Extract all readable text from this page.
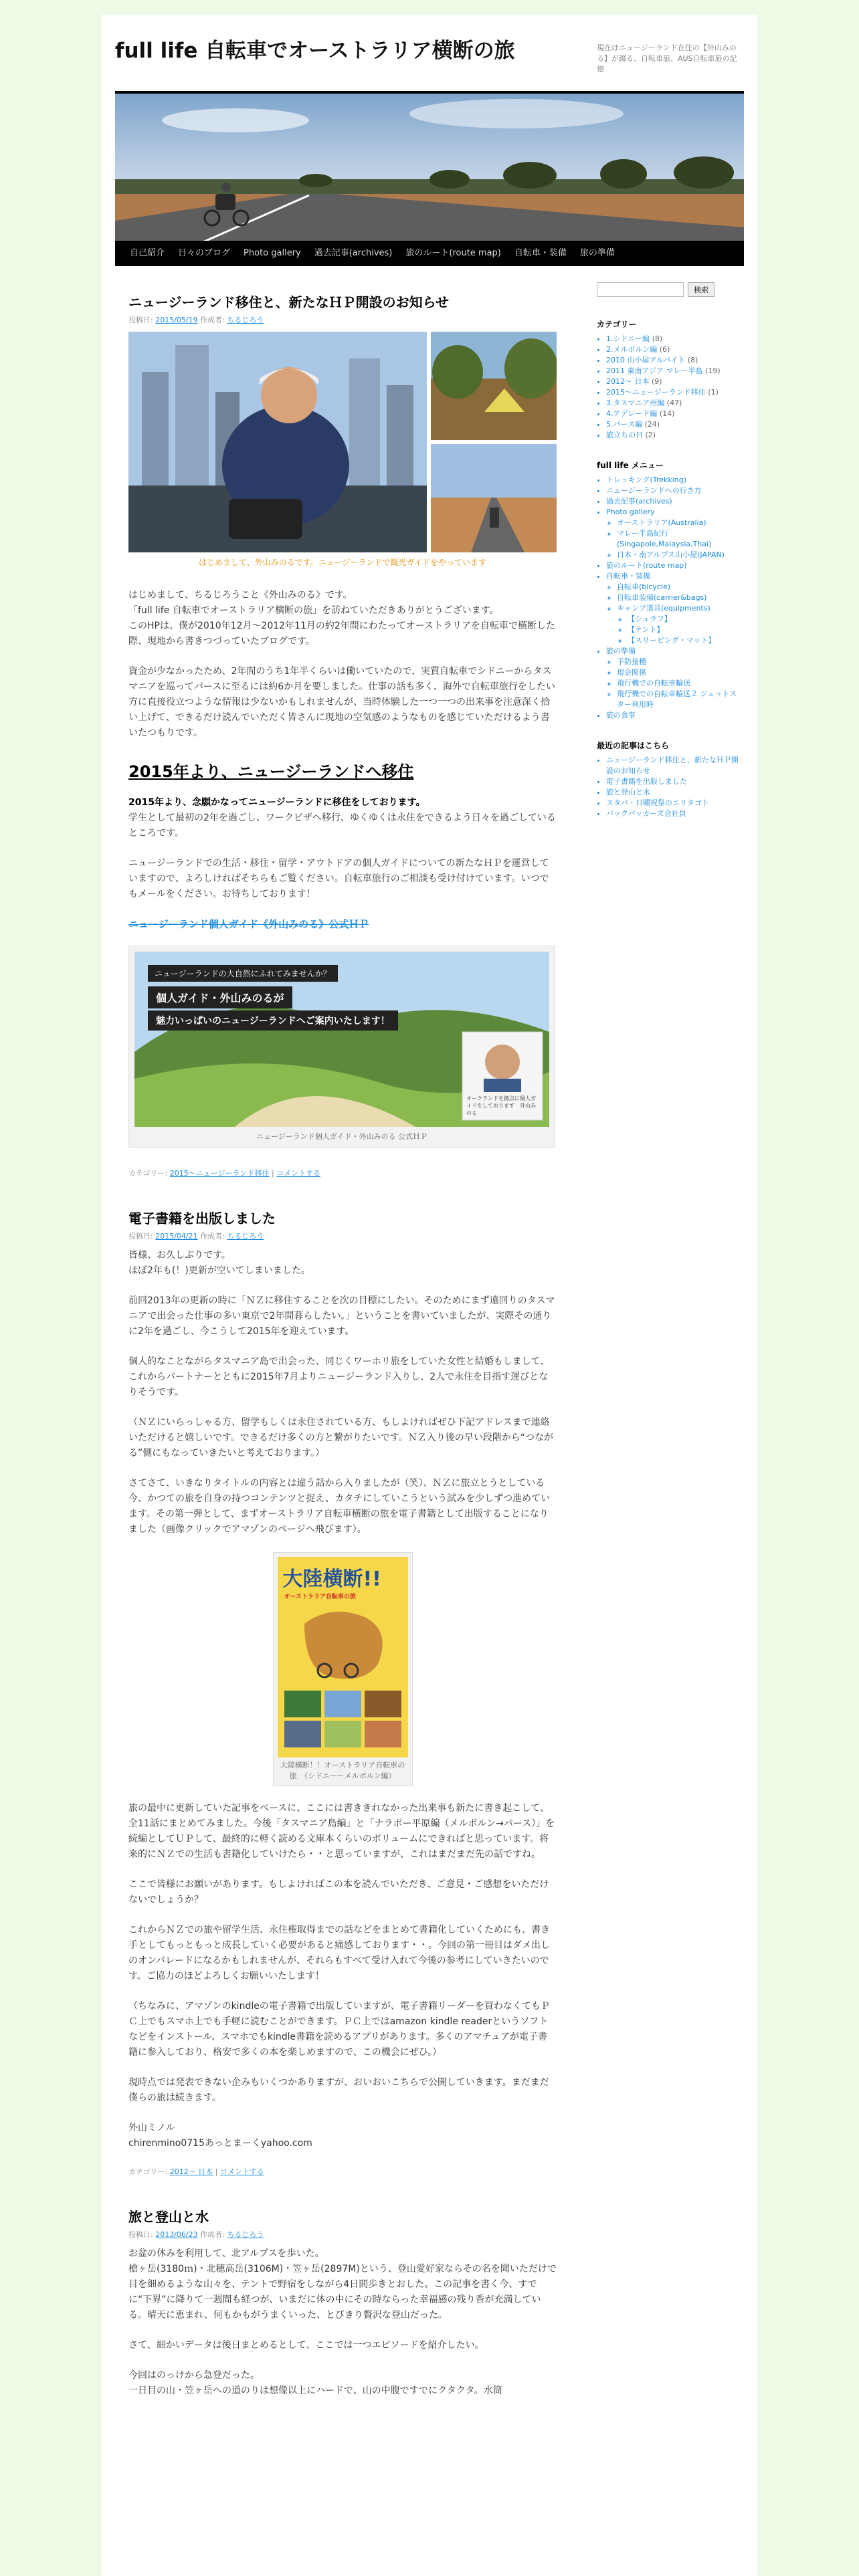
full life 自転車でオーストラリア横断の旅	現在はニュージーランド在住の【外山みのる】が綴る、自転車旅、AUS自転車旅の記憶
自己紹介	日々のブログ	Photo gallery	過去記事(archives)	旅のルート(route map)	自転車・装備	旅の準備
ニュージーランド移住と、新たなＨＰ開設のお知らせ
投稿日: 2015/05/19 作成者: ちるじろう
はじめまして、外山みのるです。ニュージーランドで観光ガイドをやっています

はじめまして、ちるじろうこと《外山みのる》です。
「full life 自転車でオーストラリア横断の旅」を訪ねていただきありがとうございます。
このHPは、僕が2010年12月〜2012年11月の約2年間にわたってオーストラリアを自転車で横断した際、現地から書きつづっていたブログです。

資金が少なかったため、2年間のうち1年半くらいは働いていたので、実質自転車でシドニーからタスマニアを巡ってパースに至るには約6か月を要しました。仕事の話も多く、海外で自転車旅行をしたい方に直接役立つような情報は少ないかもしれませんが、当時体験した一つ一つの出来事を注意深く拾い上げて、できるだけ読んでいただく皆さんに現地の空気感のようなものを感じていただけるよう書いたつもりです。

2015年より、ニュージーランドへ移住

2015年より、念願かなってニュージーランドに移住をしております。
学生として最初の2年を過ごし、ワークビザへ移行、ゆくゆくは永住をできるよう日々を過ごしているところです。

ニュージーランドでの生活・移住・留学・アウトドアの個人ガイドについての新たなＨＰを運営していますので、よろしければそちらもご覧ください。自転車旅行のご相談も受け付けています。いつでもメールをください。お待ちしております！

ニュージーランド個人ガイド《外山みのる》公式ＨＰ
ニュージーランドの大自然にふれてみませんか？
個人ガイド・外山みのるが
魅力いっぱいのニュージーランドへご案内いたします！
オークランドを拠点に個人ガイドをしております　外山みのる
ニュージーランド個人ガイド・外山みのる 公式ＨＰ
カテゴリー: 2015〜ニュージーランド移住 | コメントする
電子書籍を出版しました
投稿日: 2015/04/21 作成者: ちるじろう

皆様、お久しぶりです。
ほぼ2年も(！)更新が空いてしまいました。

前回2013年の更新の時に「ＮＺに移住することを次の目標にしたい。そのためにまず遠回りのタスマニアで出会った仕事の多い東京で2年間暮らしたい。」ということを書いていましたが、実際その通りに2年を過ごし、今こうして2015年を迎えています。

個人的なことながらタスマニア島で出会った、同じくワーホリ旅をしていた女性と結婚もしまして、これからパートナーとともに2015年7月よりニュージーランド入りし、2人で永住を目指す運びとなりそうです。

（ＮＺにいらっしゃる方、留学もしくは永住されている方、もしよければぜひ下記アドレスまで連絡いただけると嬉しいです。できるだけ多くの方と繋がりたいです。ＮＺ入り後の早い段階から“つながる”側にもなっていきたいと考えております。）

さてさて、いきなりタイトルの内容とは違う話から入りましたが（笑）、ＮＺに旅立とうとしている今、かつての旅を自身の持つコンテンツと捉え、カタチにしていこうという試みを少しずつ進めています。その第一弾として、まずオーストラリア自転車横断の旅を電子書籍として出版することになりました（画像クリックでアマゾンのページへ飛びます）。

大陸横断!!
オーストラリア自転車の旅
大陸横断！！オーストラリア自転車の旅　（シドニー〜メルボルン編）

旅の最中に更新していた記事をベースに、ここには書ききれなかった出来事も新たに書き起こして、全11話にまとめてみました。今後「タスマニア島編」と「ナラボー平原編（メルボルン→パース）」を続編としてＵＰして、最終的に軽く読める文庫本くらいのボリュームにできればと思っています。将来的にＮＺでの生活も書籍化していけたら・・と思っていますが、これはまだまだ先の話ですね。

ここで皆様にお願いがあります。もしよければこの本を読んでいただき、ご意見・ご感想をいただけないでしょうか？

これからＮＺでの旅や留学生活、永住権取得までの話などをまとめて書籍化していくためにも、書き手としてもっともっと成長していく必要があると痛感しております・・。今回の第一冊目はダメ出しのオンパレードになるかもしれませんが、それらもすべて受け入れて今後の参考にしていきたいのです。ご協力のほどよろしくお願いいたします！

（ちなみに、アマゾンのkindleの電子書籍で出版していますが、電子書籍リーダーを買わなくてもＰＣ上でもスマホ上でも手軽に読むことができます。ＰＣ上ではamazon kindle readerというソフトなどをインストール、スマホでもkindle書籍を読めるアプリがあります。多くのアマチュアが電子書籍に参入しており、格安で多くの本を楽しめますので、この機会にぜひ。）

現時点では発表できない企みもいくつかありますが、おいおいこちらで公開していきます。まだまだ僕らの旅は続きます。

外山ミノル
chirenmino0715あっとまーくyahoo.com

カテゴリー: 2012〜 日本 | コメントする
旅と登山と水
投稿日: 2013/06/23 作成者: ちるじろう

お盆の休みを利用して、北アルプスを歩いた。
槍ヶ岳(3180ｍ)・北穂高岳(3106M)・笠ヶ岳(2897M)という、登山愛好家ならその名を聞いただけで目を細めるような山々を、テントで野宿をしながら4日間歩きとおした。この記事を書く今、すでに“下界”に降りて一週間も経つが、いまだに体の中にその時ならった幸福感の残り香が充満している。晴天に恵まれ、何もかもがうまくいった、とびきり贅沢な登山だった。

さて、細かいデータは後日まとめるとして、ここでは一つエピソードを紹介したい。

今回はのっけから急登だった。
一日目の山・笠ヶ岳への道のりは想像以上にハードで、山の中腹ですでにクタクタ。水筒

検索
カテゴリー
• 1.シドニー編 (8)
• 2.メルボルン編 (6)
• 2010 山小屋アルバイト (8)
• 2011 東南アジア マレー半島 (19)
• 2012〜 日本 (9)
• 2015〜ニュージーランド移住 (1)
• 3.タスマニア州編 (47)
• 4.アデレード編 (14)
• 5.パース編 (24)
• 旅立ちの日 (2)
full life メニュー
• トレッキング(Trekking)
• ニュージーランドへの行き方
• 過去記事(archives)
• Photo gallery
◦ オーストラリア(Australia)
◦ マレー半島紀行(Singapole,Malaysia,Thai)
◦ 日本・南アルプス山小屋(JAPAN)
• 旅のルート(route map)
• 自転車・装備
◦ 自転車(bicycle)
◦ 自転車装備(carrier&bags)
◦ キャンプ道具(equipments)
◦ 【シュラフ】
◦ 【テント】
◦ 【スリーピング・マット】
• 旅の準備
◦ 予防接種
◦ 現金関係
◦ 飛行機での自転車輸送
◦ 飛行機での自転車輸送２ ジェットスター利用時
• 旅の食事
最近の記事はこちら
• ニュージーランド移住と、新たなＨＰ開設のお知らせ
• 電子書籍を出版しました
• 旅と登山と水
• スタバ・日曜祝祭のエリタゴト
• バックパッカーズ会社員
